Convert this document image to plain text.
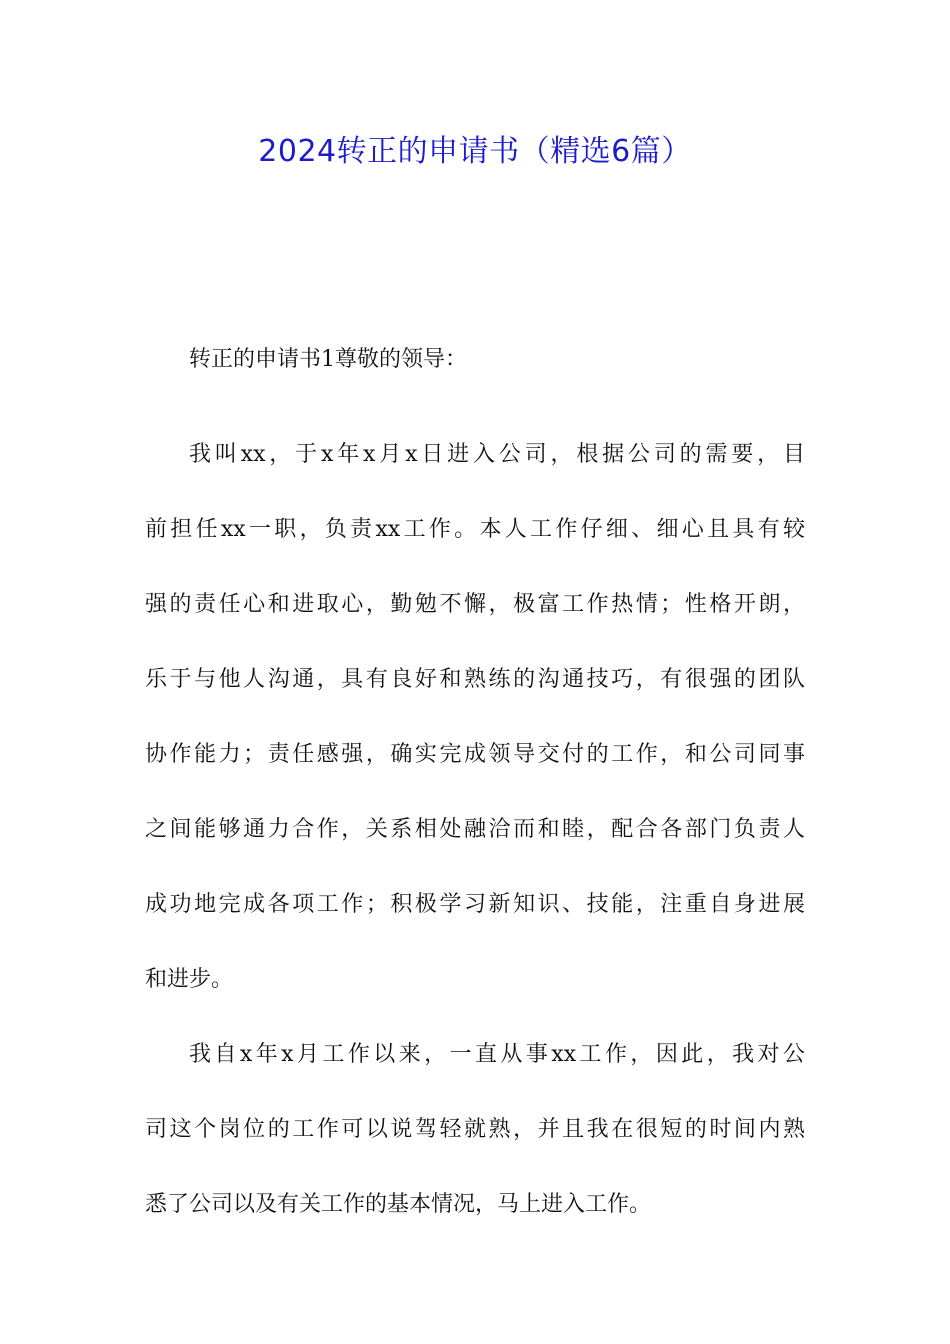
2024转正的申请书（精选6篇）
转正的申请书1尊敬的领导：
我叫xx，于x年x月x日进入公司，根据公司的需要，目
前担任xx一职，负责xx工作。本人工作仔细、细心且具有较
强的责任心和进取心，勤勉不懈，极富工作热情；性格开朗，
乐于与他人沟通，具有良好和熟练的沟通技巧，有很强的团队
协作能力；责任感强，确实完成领导交付的工作，和公司同事
之间能够通力合作，关系相处融洽而和睦，配合各部门负责人
成功地完成各项工作；积极学习新知识、技能，注重自身进展
和进步。
我自x年x月工作以来，一直从事xx工作，因此，我对公
司这个岗位的工作可以说驾轻就熟，并且我在很短的时间内熟
悉了公司以及有关工作的基本情况，马上进入工作。
